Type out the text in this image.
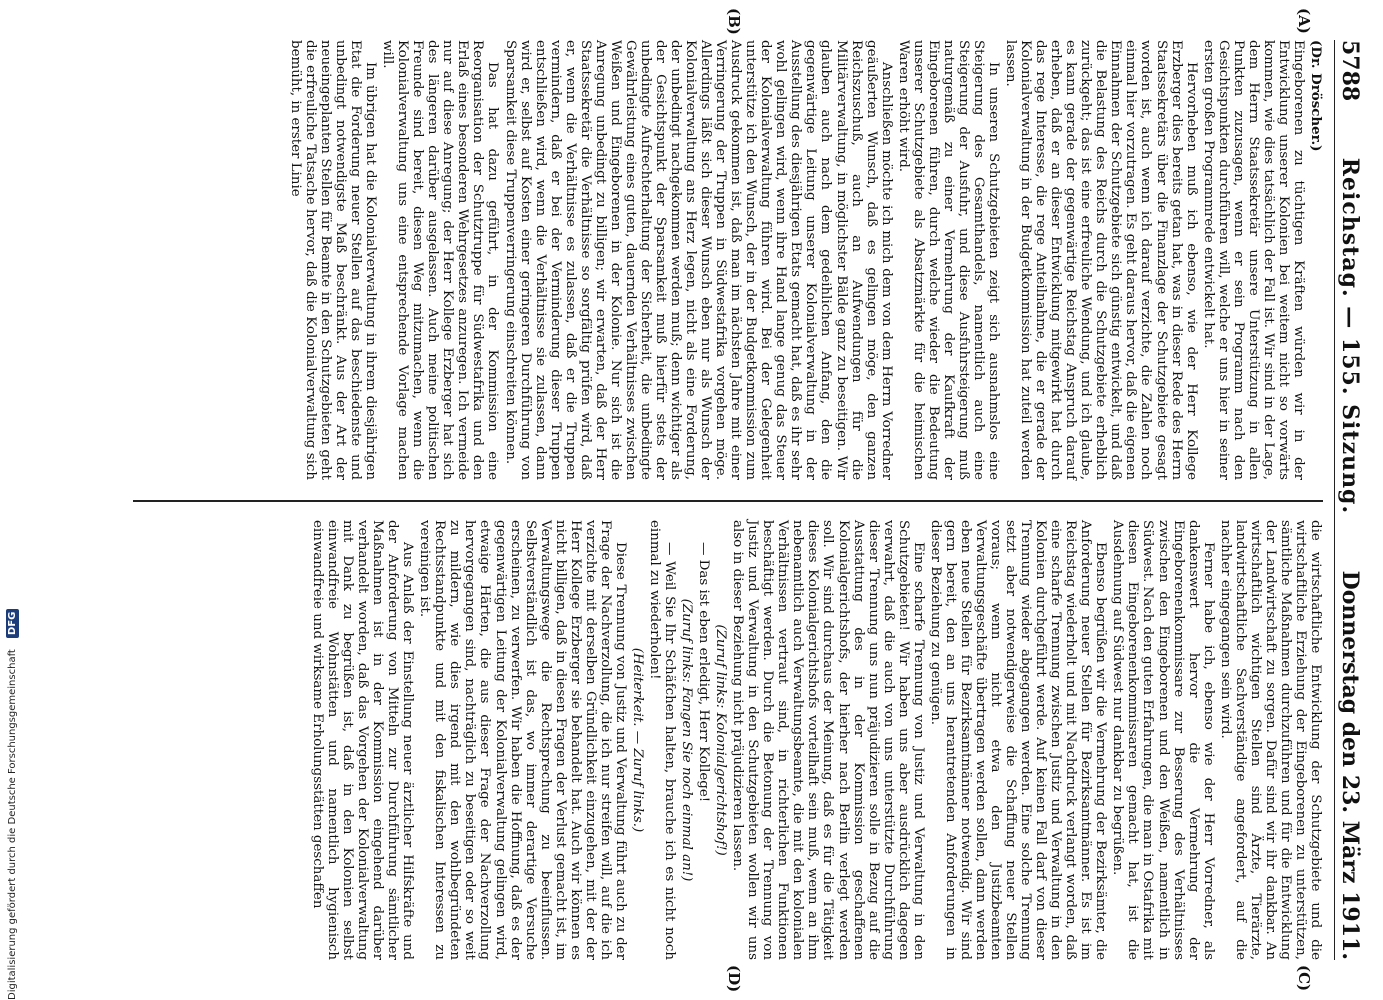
5788
Reichstag. — 155. Sitzung.
Donnerstag den 23. März 1911.
(A)
(B)
(C)
(D)

(Dr. Dröscher.)

Eingeborenen zu tüchtigen Kräften würden wir in der Entwicklung unserer Kolonien bei weitem nicht so vorwärts kommen, wie dies tatsächlich der Fall ist. Wir sind in der Lage, dem Herrn Staatssekretär unsere Unterstützung in allen Punkten zuzusagen, wenn er sein Programm nach den Gesichtspunkten durchführen will, welche er uns hier in seiner ersten großen Programmrede entwickelt hat.

Hervorheben muß ich ebenso, wie der Herr Kollege Erzberger dies bereits getan hat, was in dieser Rede des Herrn Staatssekretärs über die Finanzlage der Schutzgebiete gesagt worden ist, auch wenn ich darauf verzichte, die Zahlen noch einmal hier vorzutragen. Es geht daraus hervor, daß die eigenen Einnahmen der Schutzgebiete sich günstig entwickelt, und daß die Belastung des Reichs durch die Schutzgebiete erheblich zurückgeht; das ist eine erfreuliche Wendung, und ich glaube, es kann gerade der gegenwärtige Reichstag Anspruch darauf erheben, daß er an dieser Entwicklung mitgewirkt hat durch das rege Interesse, die rege Anteilnahme, die er gerade der Kolonialverwaltung in der Budgetkommission hat zuteil werden lassen.

In unseren Schutzgebieten zeigt sich ausnahmslos eine Steigerung des Gesamthandels, namentlich auch eine Steigerung der Ausfuhr, und diese Ausfuhrsteigerung muß naturgemäß zu einer Vermehrung der Kaufkraft der Eingeborenen führen, durch welche wieder die Bedeutung unserer Schutzgebiete als Absatzmärkte für die heimischen Waren erhöht wird.

Anschließen möchte ich mich dem von dem Herrn Vorredner geäußerten Wunsch, daß es gelingen möge, den ganzen Reichszuschuß, auch an Aufwendungen für die Militärverwaltung, in möglichster Bälde ganz zu beseitigen. Wir glauben auch nach dem gedeihlichen Anfang, den die gegenwärtige Leitung unserer Kolonialverwaltung in der Ausstellung des diesjährigen Etats gemacht hat, daß es ihr sehr wohl gelingen wird, wenn ihre Hand lange genug das Steuer der Kolonialverwaltung führen wird. Bei der Gelegenheit unterstütze ich den Wunsch, der in der Budgetkommission zum Ausdruck gekommen ist, daß man im nächsten Jahre mit einer Verringerung der Truppen in Südwestafrika vorgehen möge. Allerdings läßt sich dieser Wunsch eben nur als Wunsch der Kolonialverwaltung ans Herz legen, nicht als eine Forderung, der unbedingt nachgekommen werden muß; denn wichtiger als der Gesichtspunkt der Sparsamkeit muß hierfür stets der unbedingte Aufrechterhaltung der Sicherheit, die unbedingte Gewährleistung eines guten, dauernden Verhältnisses zwischen Weißen und Eingeborenen in der Kolonie. Nur sich ist die Anregung unbedingt zu billigen; wir erwarten, daß der Herr Staatssekretär die Verhältnisse so sorgfältig prüfen wird, daß er, wenn die Verhältnisse es zulassen, daß er die Truppen vermindern, daß er bei der Verminderung dieser Truppen entschließen wird, wenn die Verhältnisse sie zulassen, dann wird er, selbst auf Kosten einer geringeren Durchführung von Sparsamkeit diese Truppenverringerung einschreiten können.

Das hat dazu geführt, in der Kommission eine Reorganisation der Schutztruppe für Südwestafrika und den Erlaß eines besonderen Wehrgesetzes anzuregen. Ich vermeide nur auf diese Anregung; der Herr Kollege Erzberger hat sich des längeren darüber ausgelassen. Auch meine politischen Freunde sind bereit, diesen Weg mitzumachen, wenn die Kolonialverwaltung uns eine entsprechende Vorlage machen will.

Im übrigen hat die Kolonialverwaltung in ihrem diesjährigen Etat die Forderung neuer Stellen auf das beschiedenste und unbedingt notwendigste Maß beschränkt. Aus der Art der neueingeplanten Stellen für Beamte in den Schutzgebieten geht die erfreuliche Tatsache hervor, daß die Kolonialverwaltung sich bemüht, in erster Linie

die wirtschaftliche Entwicklung der Schutzgebiete und die wirtschaftliche Erziehung der Eingeborenen zu unterstützen, sämtliche Maßnahmen durchzuführen und für die Entwicklung der Landwirtschaft zu sorgen. Dafür sind wir ihr dankbar. An wirtschaftlich wichtigen Stellen sind Ärzte, Tierärzte, landwirtschaftliche Sachverständige angefordert, auf die nachher eingegangen sein wird.

Ferner habe ich, ebenso wie der Herr Vorredner, als dankenswert hervor die Vermehrung der Eingeborenenkommissare zur Besserung des Verhältnisses zwischen den Eingeborenen und den Weißen, namentlich in Südwest. Nach den guten Erfahrungen, die man in Ostafrika mit diesen Eingeborenenkommissaren gemacht hat, ist die Ausdehnung auf Südwest nur dankbar zu begrüßen.

Ebenso begrüßen wir die Vermehrung der Bezirksämter, die Anforderung neuer Stellen für Bezirksamtmänner. Es ist im Reichstag wiederholt und mit Nachdruck verlangt worden, daß eine scharfe Trennung zwischen Justiz und Verwaltung in den Kolonien durchgeführt werde. Auf keinen Fall darf von dieser Trennung wieder abgegangen werden. Eine solche Trennung setzt aber notwendigerweise die Schaffung neuer Stellen voraus; wenn nicht etwa den Justizbeamten Verwaltungsgeschäfte übertragen werden sollen, dann werden eben neue Stellen für Bezirksamtmänner notwendig. Wir sind gern bereit, den an uns herantretenden Anforderungen in dieser Beziehung zu genügen.

Eine scharfe Trennung von Justiz und Verwaltung in den Schutzgebieten! Wir haben uns aber ausdrücklich dagegen verwahrt, daß die auch von uns unterstützte Durchführung dieser Trennung uns nun präjudizieren solle in Bezug auf die Ausstattung des in der Kommission geschaffenen Kolonialgerichtshofs, der hierher nach Berlin verlegt werden soll. Wir sind durchaus der Meinung, daß es für die Tätigkeit dieses Kolonialgerichtshofs vorteilhaft sein muß, wenn an ihm nebenamtlich auch Verwaltungsbeamte, die mit den kolonialen Verhältnissen vertraut sind, in richterlichen Funktionen beschäftigt werden. Durch die Betonung der Trennung von Justiz und Verwaltung in den Schutzgebieten wollen wir uns also in dieser Beziehung nicht präjudizieren lassen.

(Zuruf links: Kolonialgerichtshof!)

— Das ist eben erledigt, Herr Kollege!

(Zuruf links: Fangen Sie noch einmal an!)

— Weil Sie Ihr Schäfchen halten, brauche ich es nicht noch einmal zu wiederholen!

(Heiterkeit. — Zuruf links.)

Diese Trennung von Justiz und Verwaltung führt auch zu der Frage der Nachverzollung, die ich nur streifen will, auf die ich verzichte mit derselben Gründlichkeit einzugehen, mit der der Herr Kollege Erzberger sie behandelt hat. Auch wir können es nicht billigen, daß in diesen Fragen der Verlust gemacht ist, im Verwaltungswege die Rechtsprechung zu beeinflussen. Selbstverständlich ist das, wo immer derartige Versuche erscheinen, zu verwerfen. Wir haben die Hoffnung, daß es der gegenwärtigen Leitung der Kolonialverwaltung gelingen wird, etwaige Härten, die aus dieser Frage der Nachverzollung hervorgegangen sind, nachträglich zu beseitigen oder so weit zu mildern, wie dies irgend mit den wohlbegründeten Rechtsstandpunkte und mit den fiskalischen Interessen zu vereinigen ist.

Aus Anlaß der Einstellung neuer ärztlicher Hilfskräfte und der Anforderung von Mitteln zur Durchführung sämtlicher Maßnahmen ist in der Kommission eingehend darüber verhandelt worden, daß das Vorgehen der Kolonialverwaltung mit Dank zu begrüßen ist, daß in den Kolonien selbst einwandfreie Wohnstätten und namentlich hygienisch einwandfreie und wirksame Erholungsstätten geschaffen

Digitalisierung gefördert durch die Deutsche Forschungsgemeinschaft DFG
